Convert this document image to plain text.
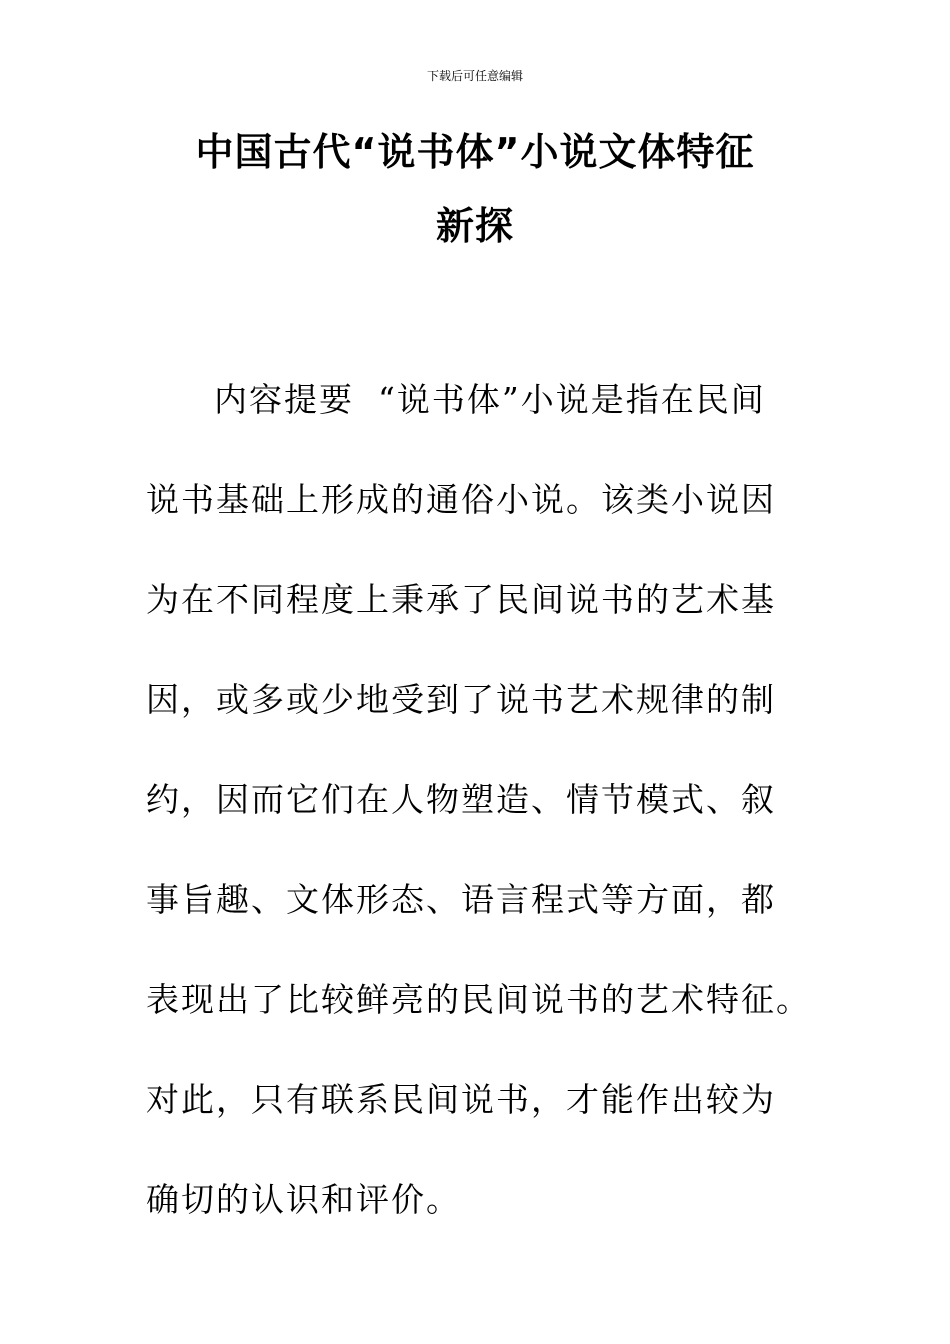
下载后可任意编辑
中国古代“说书体”小说文体特征
新探
内容提要 “说书体”小说是指在民间
说书基础上形成的通俗小说。该类小说因
为在不同程度上秉承了民间说书的艺术基
因，或多或少地受到了说书艺术规律的制
约，因而它们在人物塑造、情节模式、叙
事旨趣、文体形态、语言程式等方面，都
表现出了比较鲜亮的民间说书的艺术特征。
对此，只有联系民间说书，才能作出较为
确切的认识和评价。
